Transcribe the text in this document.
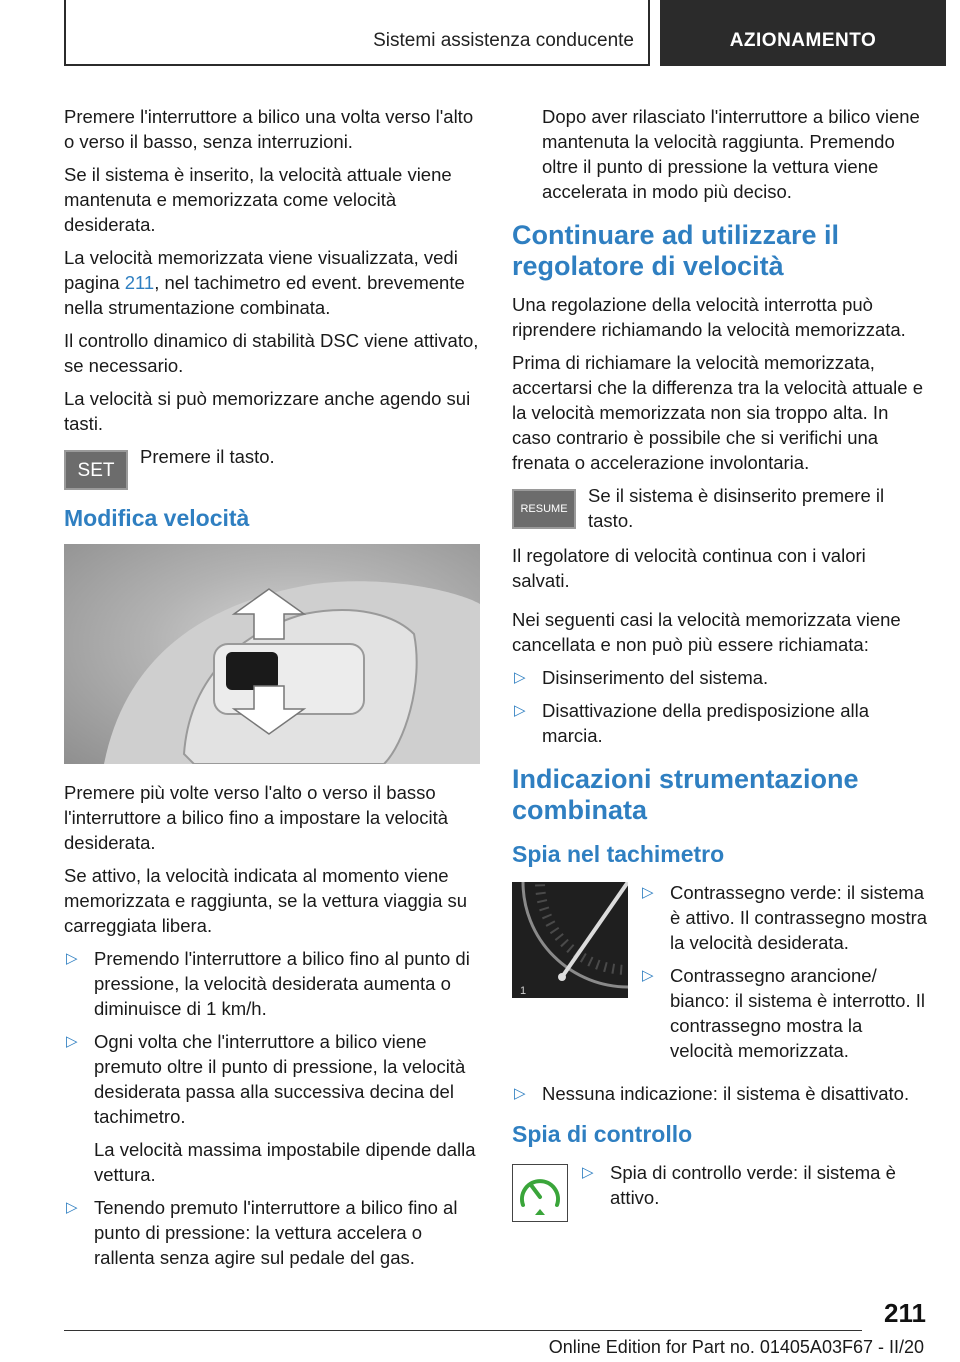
Sistemi assistenza conducente	AZIONAMENTO

Premere l'interruttore a bilico una volta verso l'alto o verso il basso, senza interruzioni.

Se il sistema è inserito, la velocità attuale viene mantenuta e memorizzata come velocità desiderata.

La velocità memorizzata viene visualizzata, vedi pagina 211, nel tachimetro ed event. brevemente nella strumentazione combinata.

Il controllo dinamico di stabilità DSC viene attivato, se necessario.

La velocità si può memorizzare anche agendo sui tasti.

SET
Premere il tasto.
Modifica velocità

Premere più volte verso l'alto o verso il basso l'interruttore a bilico fino a impostare la velocità desiderata.

Se attivo, la velocità indicata al momento viene memorizzata e raggiunta, se la vettura viaggia su carreggiata libera.

▷ Premendo l'interruttore a bilico fino al punto di pressione, la velocità desiderata aumenta o diminuisce di 1 km/h.
▷ Ogni volta che l'interruttore a bilico viene premuto oltre il punto di pressione, la velocità desiderata passa alla successiva decina del tachimetro.

La velocità massima impostabile dipende dalla vettura.

▷ Tenendo premuto l'interruttore a bilico fino al punto di pressione: la vettura accelera o rallenta senza agire sul pedale del gas.

Dopo aver rilasciato l'interruttore a bilico viene mantenuta la velocità raggiunta. Premendo oltre il punto di pressione la vettura viene accelerata in modo più deciso.

Continuare ad utilizzare il regolatore di velocità

Una regolazione della velocità interrotta può riprendere richiamando la velocità memorizzata.

Prima di richiamare la velocità memorizzata, accertarsi che la differenza tra la velocità attuale e la velocità memorizzata non sia troppo alta. In caso contrario è possibile che si verifichi una frenata o accelerazione involontaria.

RESUME
Se il sistema è disinserito premere il tasto.

Il regolatore di velocità continua con i valori salvati.

Nei seguenti casi la velocità memorizzata viene cancellata e non può più essere richiamata:

▷ Disinserimento del sistema.
▷ Disattivazione della predisposizione alla marcia.
Indicazioni strumentazione combinata
Spia nel tachimetro
1
▷ Contrassegno verde: il sistema è attivo. Il contrassegno mostra la velocità desiderata.
▷ Contrassegno arancione/ bianco: il sistema è interrotto. Il contrassegno mostra la velocità memorizzata.
▷ Nessuna indicazione: il sistema è disattivato.
Spia di controllo
▷ Spia di controllo verde: il sistema è attivo.
211
Online Edition for Part no. 01405A03F67 - II/20
